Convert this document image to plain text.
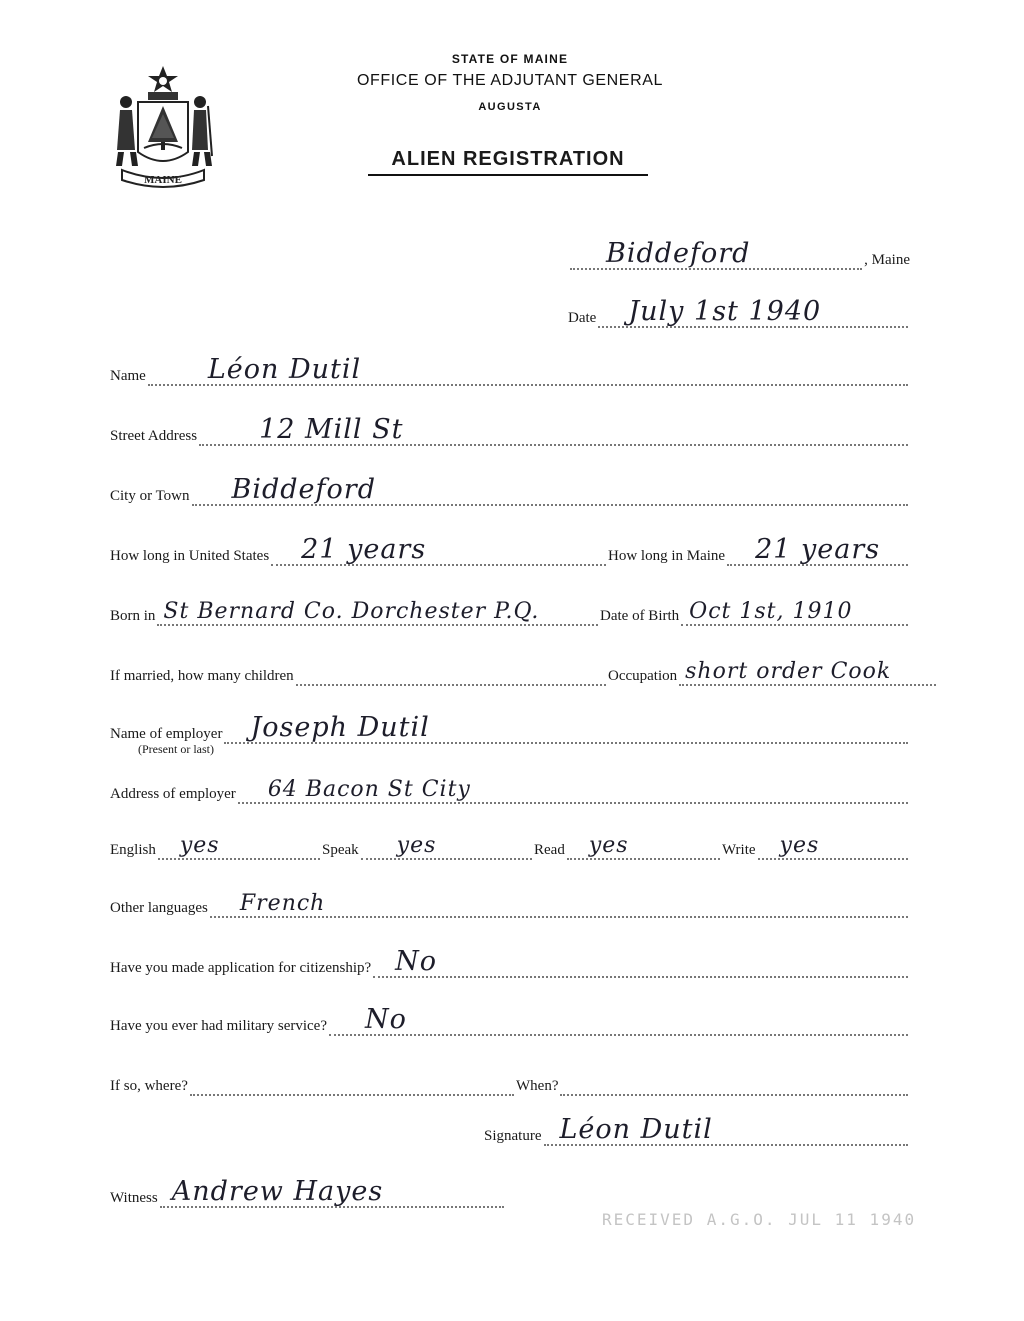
MAINE
STATE OF MAINE
OFFICE OF THE ADJUTANT GENERAL
AUGUSTA
ALIEN REGISTRATION
Biddeford	, Maine
Date July 1st 1940
Name Léon Dutil
Street Address 12 Mill St
City or Town Biddeford
How long in United States 21 years	How long in Maine 21 years
Born in St Bernard Co. Dorchester P.Q.	Date of Birth Oct 1st, 1910
If married, how many children	Occupation short order Cook
Name of employer Joseph Dutil
(Present or last)
Address of employer 64 Bacon St City
English yes	Speak yes	Read yes	Write yes
Other languages French
Have you made application for citizenship? No
Have you ever had military service? No
If so, where?	When?
Signature Léon Dutil
Witness Andrew Hayes
RECEIVED A.G.O. JUL 11 1940
